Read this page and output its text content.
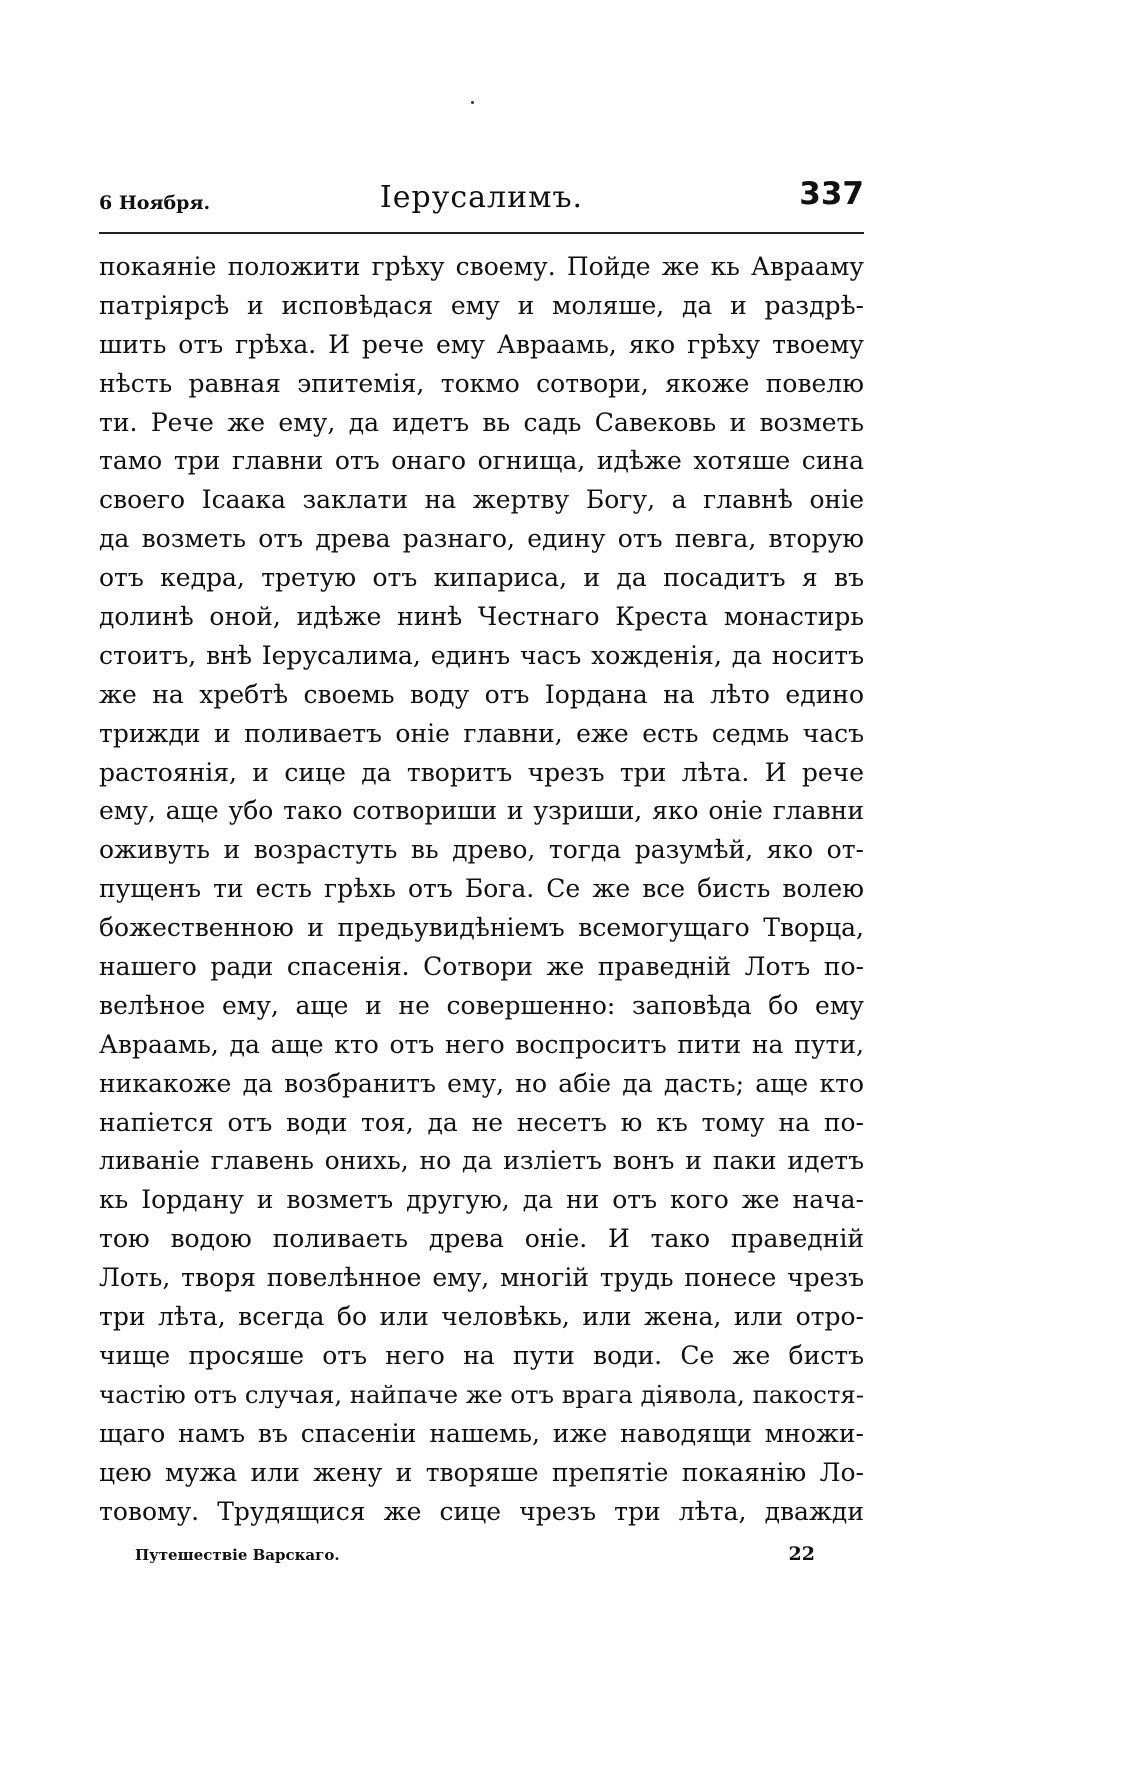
6 Ноября.	Іерусалимъ.	337
покаяніе положити грѣху своему. Пойде же кь Аврааму
патріярсѣ и исповѣдася ему и моляше, да и раздрѣ-
шить отъ грѣха. И рече ему Авраамь, яко грѣху твоему
нѣсть равная эпитемія, токмо сотвори, якоже повелю
ти. Рече же ему, да идетъ вь садь Савековь и возметь
тамо три главни отъ онаго огнища, идѣже хотяше сина
своего Ісаака заклати на жертву Богу, а главнѣ оніе
да возметь отъ древа разнаго, едину отъ певга, вторую
отъ кедра, третую отъ кипариса, и да посадитъ я въ
долинѣ оной, идѣже нинѣ Честнаго Креста монастирь
стоитъ, внѣ Іерусалима, единъ часъ хожденія, да носитъ
же на хребтѣ своемь воду отъ Іордана на лѣто едино
трижди и поливаетъ оніе главни, еже есть седмь часъ
растоянія, и сице да творитъ чрезъ три лѣта. И рече
ему, аще убо тако сотвориши и узриши, яко оніе главни
оживуть и возрастуть вь древо, тогда разумѣй, яко от-
пущенъ ти есть грѣхь отъ Бога. Се же все бисть волею
божественною и предьувидѣніемъ всемогущаго Творца,
нашего ради спасенія. Сотвори же праведній Лотъ по-
велѣное ему, аще и не совершенно: заповѣда бо ему
Авраамь, да аще кто отъ него воспроситъ пити на пути,
никакоже да возбранитъ ему, но абіе да дасть; аще кто
напіется отъ води тоя, да не несетъ ю къ тому на по-
ливаніе главень онихь, но да изліетъ вонъ и паки идетъ
кь Іордану и возметъ другую, да ни отъ кого же нача-
тою водою поливаеть древа оніе. И тако праведній
Лоть, творя повелѣнное ему, многій трудь понесе чрезъ
три лѣта, всегда бо или человѣкь, или жена, или отро-
чище просяше отъ него на пути води. Се же бистъ
частію отъ случая, найпаче же отъ врага діявола, пакостя-
щаго намъ въ спасеніи нашемь, иже наводящи множи-
цею мужа или жену и творяше препятіе покаянію Ло-
товому. Трудящися же сице чрезъ три лѣта, дважди
Путешествіе Варскаго.	22
